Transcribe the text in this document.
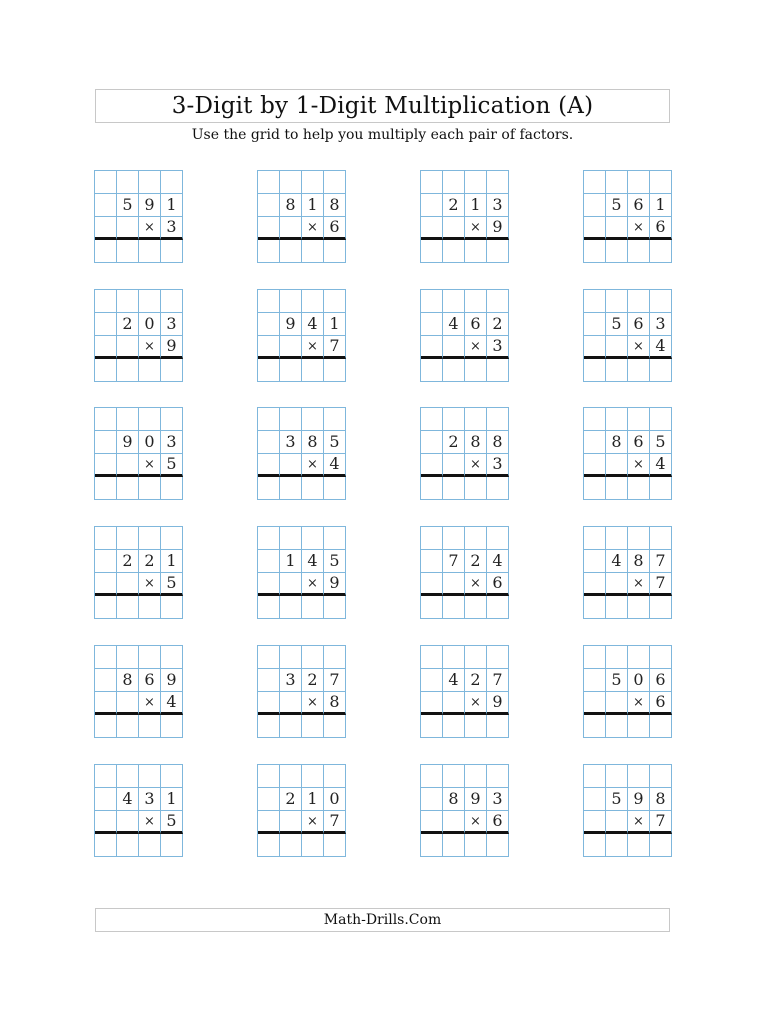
3-Digit by 1-Digit Multiplication (A)
Use the grid to help you multiply each pair of factors.
5 9 1
× 3
8 1 8
× 6
2 1 3
× 9
5 6 1
× 6
2 0 3
× 9
9 4 1
× 7
4 6 2
× 3
5 6 3
× 4
9 0 3
× 5
3 8 5
× 4
2 8 8
× 3
8 6 5
× 4
2 2 1
× 5
1 4 5
× 9
7 2 4
× 6
4 8 7
× 7
8 6 9
× 4
3 2 7
× 8
4 2 7
× 9
5 0 6
× 6
4 3 1
× 5
2 1 0
× 7
8 9 3
× 6
5 9 8
× 7
Math-Drills.Com
